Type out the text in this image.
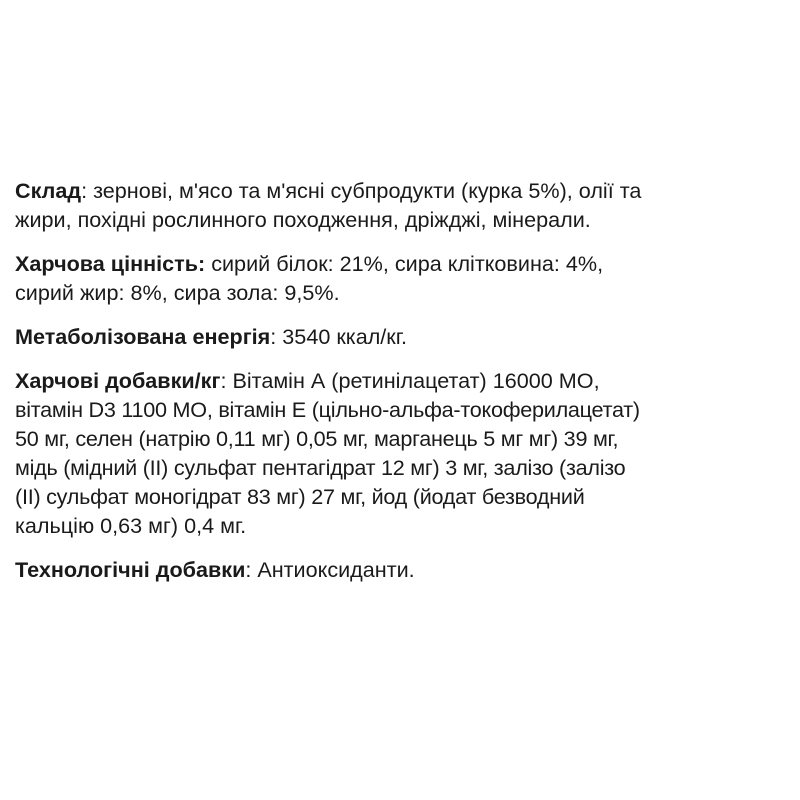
Склад: зернові, м'ясо та м'ясні субпродукти (курка 5%), олії та
жири, похідні рослинного походження, дріжджі, мінерали.

Харчова цінність: сирий білок: 21%, сира клітковина: 4%,
сирий жир: 8%, сира зола: 9,5%.

Метаболізована енергія: 3540 ккал/кг.

Харчові добавки/кг: Вітамін А (ретинілацетат) 16000 МО,
вітамін D3 1100 МО, вітамін Е (цільно-альфа-токоферилацетат)
50 мг, селен (натрію 0,11 мг) 0,05 мг, марганець 5 мг мг) 39 мг,
мідь (мідний (ІІ) сульфат пентагідрат 12 мг) 3 мг, залізо (залізо
(ІІ) сульфат моногідрат 83 мг) 27 мг, йод (йодат безводний
кальцію 0,63 мг) 0,4 мг.

Технологічні добавки: Антиоксиданти.
